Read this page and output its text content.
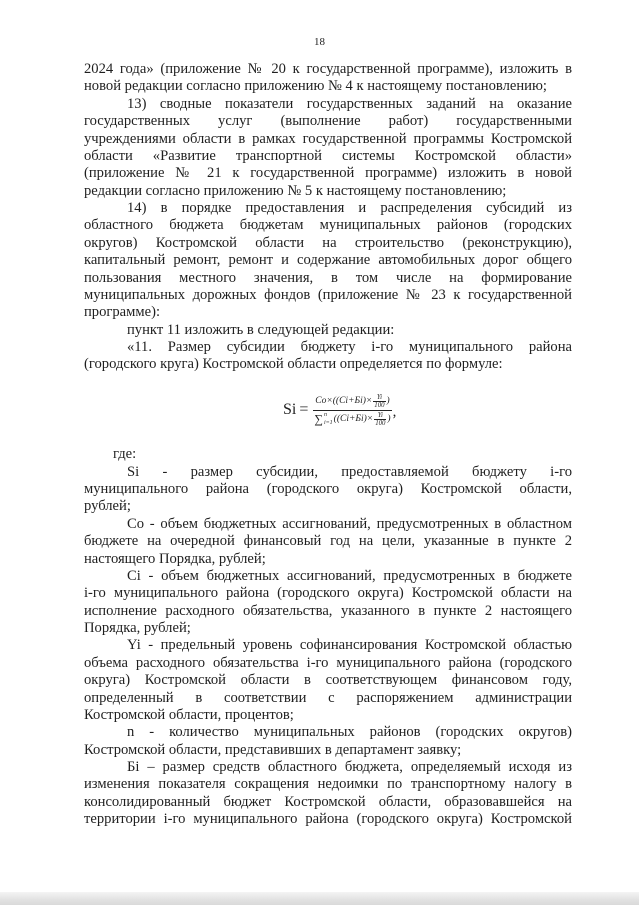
18
2024 года» (приложение № 20 к государственной программе), изложить в
новой редакции согласно приложению № 4 к настоящему постановлению;
13) сводные показатели государственных заданий на оказание
государственных услуг (выполнение работ) государственными
учреждениями области в рамках государственной программы Костромской
области «Развитие транспортной системы Костромской области»
(приложение № 21 к государственной программе) изложить в новой
редакции согласно приложению № 5 к настоящему постановлению;
14) в порядке предоставления и распределения субсидий из
областного бюджета бюджетам муниципальных районов (городских
округов) Костромской области на строительство (реконструкцию),
капитальный ремонт, ремонт и содержание автомобильных дорог общего
пользования местного значения, в том числе на формирование
муниципальных дорожных фондов (приложение № 23 к государственной
программе):
пункт 11 изложить в следующей редакции:
«11. Размер субсидии бюджету i-го муниципального района
(городского круга) Костромской области определяется по формуле:
$Si = Co\times((Ci+Бi)\times \frac{Yi}{100}$ )
∑ n
i=1 ($(Ci+Бi)\times \frac{Yi}{100}$ ) ,
где:
Si - размер субсидии, предоставляемой бюджету i-го
муниципального района (городского округа) Костромской области,
рублей;
Co - объем бюджетных ассигнований, предусмотренных в областном
бюджете на очередной финансовый год на цели, указанные в пункте 2
настоящего Порядка, рублей;
Ci - объем бюджетных ассигнований, предусмотренных в бюджете
i-го муниципального района (городского округа) Костромской области на
исполнение расходного обязательства, указанного в пункте 2 настоящего
Порядка, рублей;
Yi - предельный уровень софинансирования Костромской областью
объема расходного обязательства i-го муниципального района (городского
округа) Костромской области в соответствующем финансовом году,
определенный в соответствии с распоряжением администрации
Костромской области, процентов;
n - количество муниципальных районов (городских округов)
Костромской области, представивших в департамент заявку;
Бi – размер средств областного бюджета, определяемый исходя из
изменения показателя сокращения недоимки по транспортному налогу в
консолидированный бюджет Костромской области, образовавшейся на
территории i-го муниципального района (городского округа) Костромской
